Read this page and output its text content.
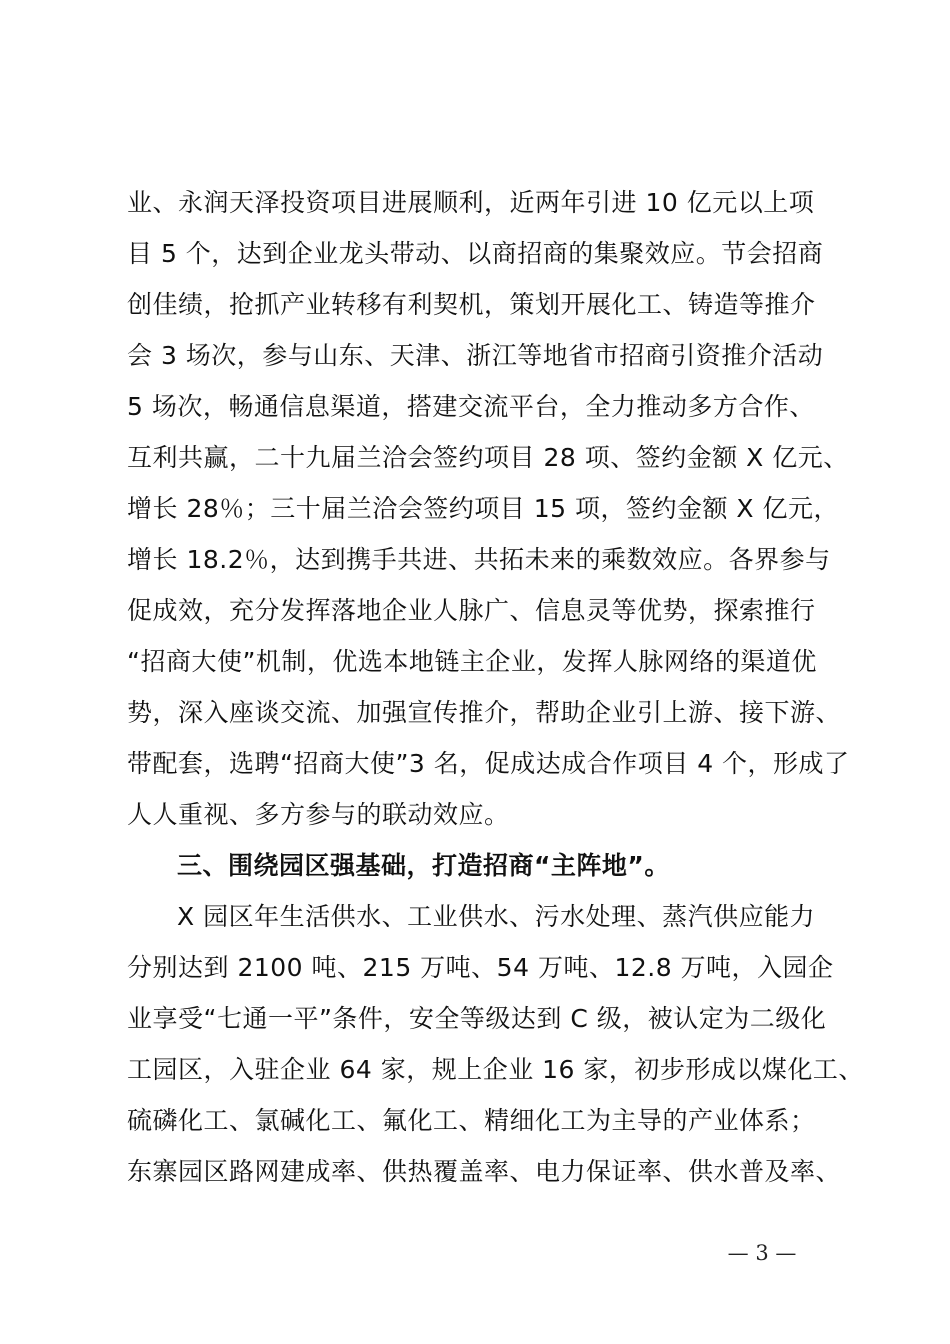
业、永润天泽投资项目进展顺利，近两年引进 10 亿元以上项
目 5 个，达到企业龙头带动、以商招商的集聚效应。节会招商
创佳绩，抢抓产业转移有利契机，策划开展化工、铸造等推介
会 3 场次，参与山东、天津、浙江等地省市招商引资推介活动
5 场次，畅通信息渠道，搭建交流平台，全力推动多方合作、
互利共赢，二十九届兰洽会签约项目 28 项、签约金额 X 亿元、
增长 28％；三十届兰洽会签约项目 15 项，签约金额 X 亿元，
增长 18.2％，达到携手共进、共拓未来的乘数效应。各界参与
促成效，充分发挥落地企业人脉广、信息灵等优势，探索推行
“招商大使”机制，优选本地链主企业，发挥人脉网络的渠道优
势，深入座谈交流、加强宣传推介，帮助企业引上游、接下游、
带配套，选聘“招商大使”3 名，促成达成合作项目 4 个，形成了
人人重视、多方参与的联动效应。
三、围绕园区强基础，打造招商“主阵地”。
X 园区年生活供水、工业供水、污水处理、蒸汽供应能力
分别达到 2100 吨、215 万吨、54 万吨、12.8 万吨，入园企
业享受“七通一平”条件，安全等级达到 C 级，被认定为二级化
工园区，入驻企业 64 家，规上企业 16 家，初步形成以煤化工、
硫磷化工、氯碱化工、氟化工、精细化工为主导的产业体系；
东寨园区路网建成率、供热覆盖率、电力保证率、供水普及率、
— 3 —
